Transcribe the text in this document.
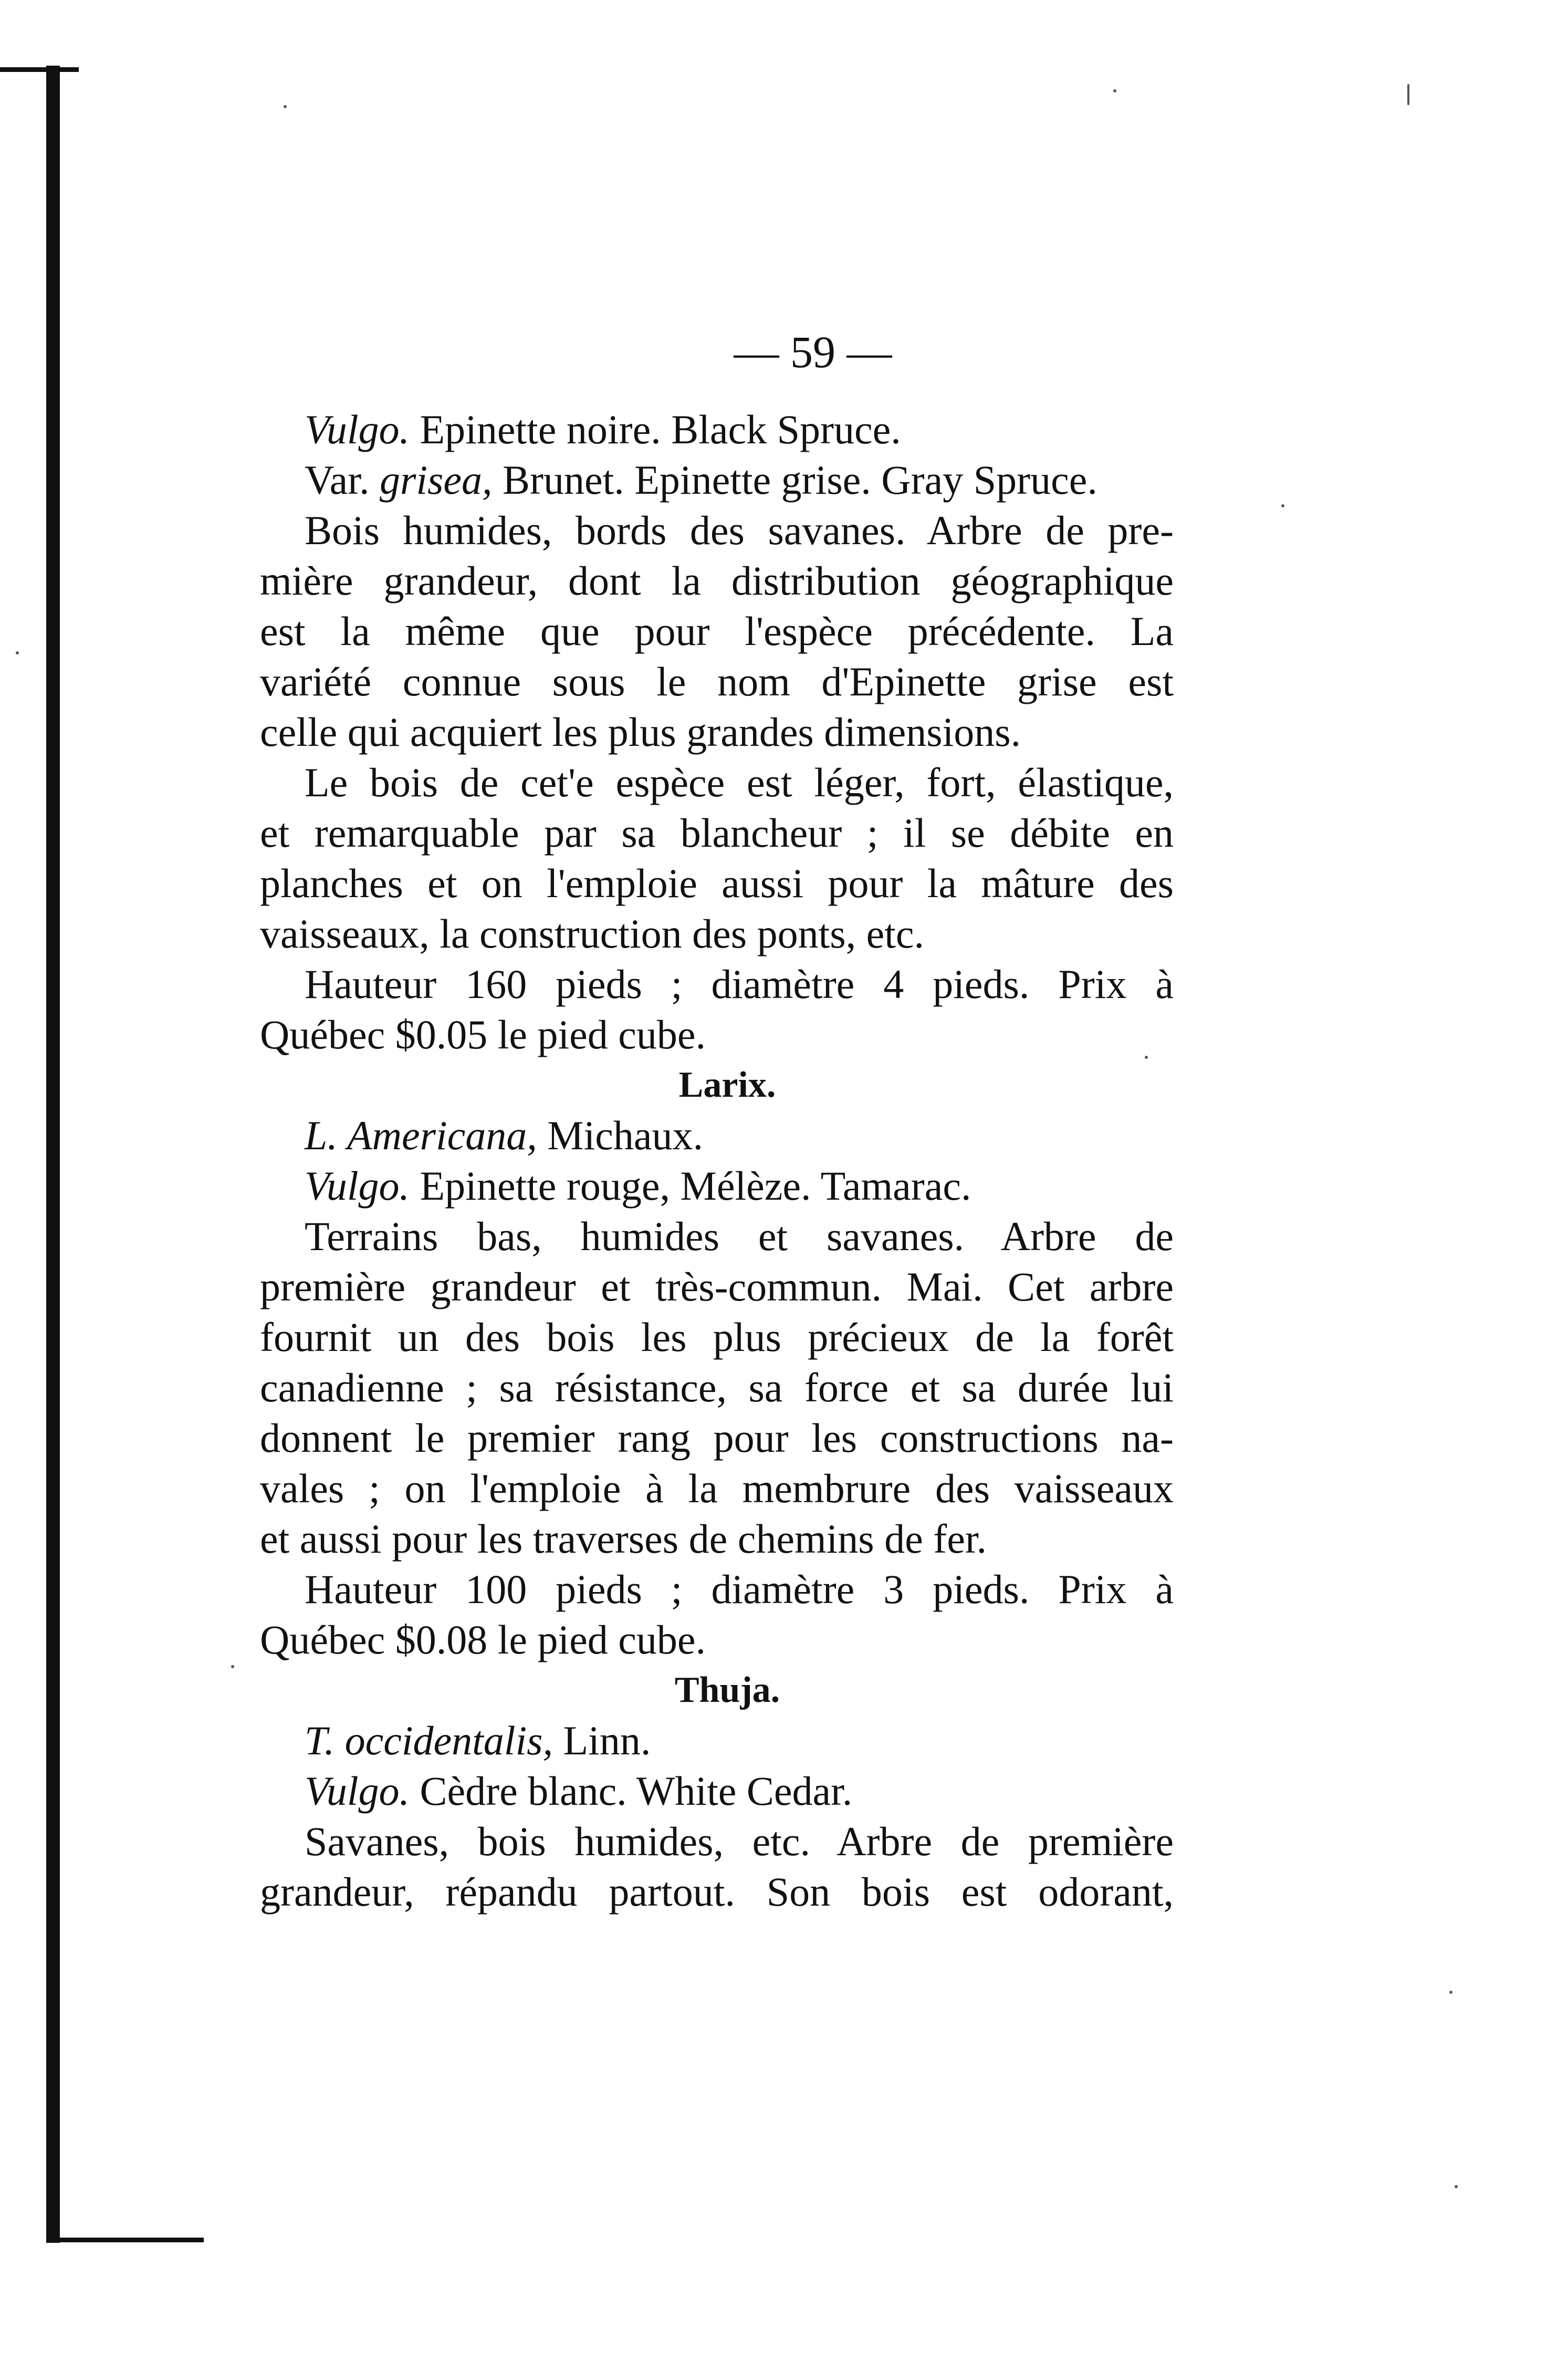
— 59 —
Vulgo. Epinette noire. Black Spruce.
Var. grisea, Brunet. Epinette grise. Gray Spruce.
Bois humides, bords des savanes. Arbre de pre-
mière grandeur, dont la distribution géographique
est la même que pour l'espèce précédente. La
variété connue sous le nom d'Epinette grise est
celle qui acquiert les plus grandes dimensions.
Le bois de cet'e espèce est léger, fort, élastique,
et remarquable par sa blancheur ; il se débite en
planches et on l'emploie aussi pour la mâture des
vaisseaux, la construction des ponts, etc.
Hauteur 160 pieds ; diamètre 4 pieds. Prix à
Québec $0.05 le pied cube.
Larix.
L. Americana, Michaux.
Vulgo. Epinette rouge, Mélèze. Tamarac.
Terrains bas, humides et savanes. Arbre de
première grandeur et très-commun. Mai. Cet arbre
fournit un des bois les plus précieux de la forêt
canadienne ; sa résistance, sa force et sa durée lui
donnent le premier rang pour les constructions na-
vales ; on l'emploie à la membrure des vaisseaux
et aussi pour les traverses de chemins de fer.
Hauteur 100 pieds ; diamètre 3 pieds. Prix à
Québec $0.08 le pied cube.
Thuja.
T. occidentalis, Linn.
Vulgo. Cèdre blanc. White Cedar.
Savanes, bois humides, etc. Arbre de première
grandeur, répandu partout. Son bois est odorant,
